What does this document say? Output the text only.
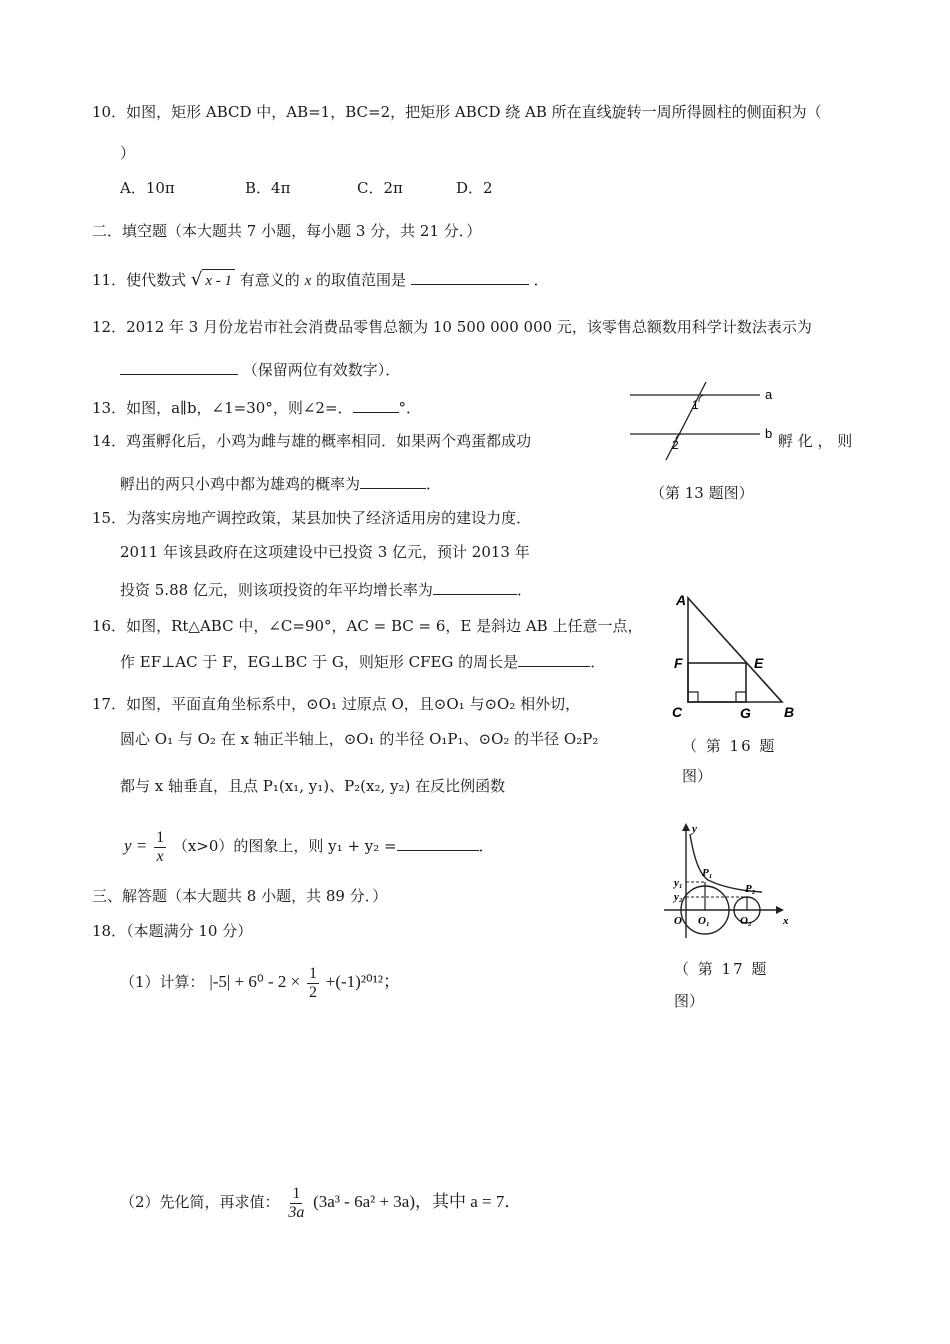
10．如图，矩形 ABCD 中，AB=1，BC=2，把矩形 ABCD 绕 AB 所在直线旋转一周所得圆柱的侧面积为（
）
A．10π	B．4π	C．2π	D．2
二．填空题（本大题共 7 小题，每小题 3 分，共 21 分．）
11．使代数式 √ x - 1 有意义的 x 的取值范围是	．
12．2012 年 3 月份龙岩市社会消费品零售总额为 10 500 000 000 元，该零售总额数用科学计数法表示为
（保留两位有效数字）．
13．如图，a∥b，∠1=30°，则∠2=．	°．
14．鸡蛋孵化后，小鸡为雌与雄的概率相同．如果两个鸡蛋都成功	孵 化 ， 则
孵出的两只小鸡中都为雄鸡的概率为	．
15．为落实房地产调控政策，某县加快了经济适用房的建设力度．
2011 年该县政府在这项建设中已投资 3 亿元，预计 2013 年
投资 5.88 亿元，则该项投资的年平均增长率为	．
16．如图，Rt△ABC 中，∠C=90°，AC = BC = 6，E 是斜边 AB 上任意一点，
作 EF⊥AC 于 F，EG⊥BC 于 G，则矩形 CFEG 的周长是	．
17．如图，平面直角坐标系中，⊙O₁ 过原点 O，且⊙O₁ 与⊙O₂ 相外切，
圆心 O₁ 与 O₂ 在 x 轴正半轴上，⊙O₁ 的半径 O₁P₁、⊙O₂ 的半径 O₂P₂
都与 x 轴垂直，且点 P₁(x₁, y₁)、P₂(x₂, y₂) 在反比例函数
$y = \frac{1}{x} (x>0)$的图象上，则 y₁ + y₂ =	．
三、解答题（本大题共 8 小题，共 89 分．）
18．（本题满分 10 分）
（1）计算： $|-5| + 6^0 - 2 \times \frac{1}{2} +(-1)^{2012}$；
（2）先化简，再求值： $\frac{1}{3a} (3a^3 - 6a^2 + 3a)$，其中 a = 7．
a
b
1
2
（第 13 题图）
A
C	B
F	E
G
（ 第 16 题
图）
y
x
O O₁	O₂
P₁
P₂
y₁
y₂
（ 第 17 题
图）
